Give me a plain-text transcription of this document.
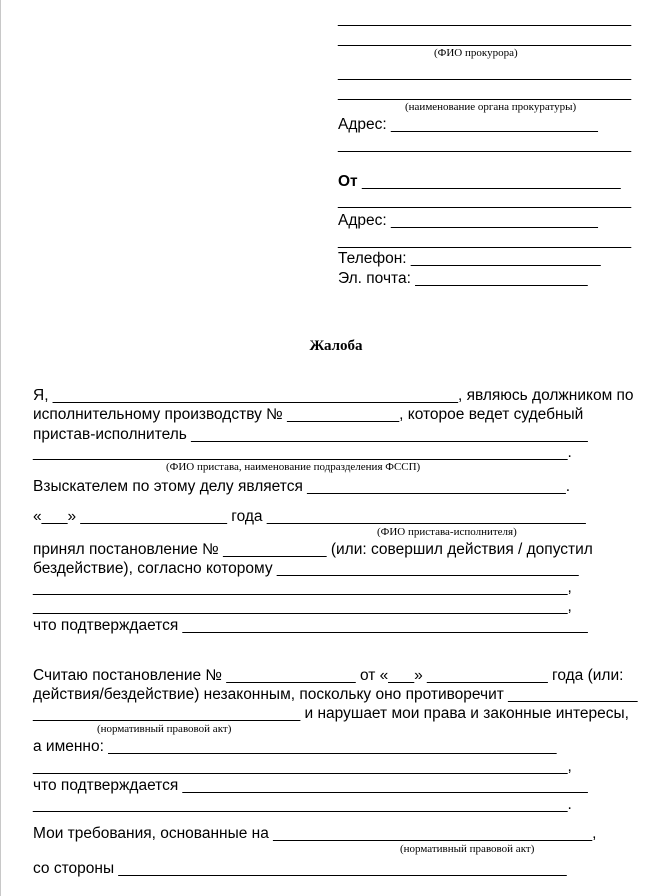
__________________________________
__________________________________
(ФИО прокурора)
__________________________________
__________________________________
(наименование органа прокуратуры)
Адрес: ________________________
__________________________________
От ______________________________
__________________________________
Адрес: ________________________
__________________________________
Телефон: ______________________
Эл. почта: ____________________
Жалоба
Я, _______________________________________________, являюсь должником по
исполнительному производству № _____________, которое ведет судебный
пристав-исполнитель ______________________________________________
______________________________________________________________.
(ФИО пристава, наименование подразделения ФССП)
Взыскателем по этому делу является ______________________________.
«___» _________________ года _____________________________________
(ФИО пристава-исполнителя)
принял постановление № ____________ (или: совершил действия / допустил
бездействие), согласно которому ___________________________________
______________________________________________________________,
______________________________________________________________,
что подтверждается _______________________________________________
Считаю постановление № _______________ от «___» ______________ года (или:
действия/бездействие) незаконным, поскольку оно противоречит _______________
_______________________________ и нарушает мои права и законные интересы,
(нормативный правовой акт)
а именно: ____________________________________________________
______________________________________________________________,
что подтверждается _______________________________________________
______________________________________________________________.
Мои требования, основанные на _____________________________________,
(нормативный правовой акт)
со стороны ____________________________________________________
